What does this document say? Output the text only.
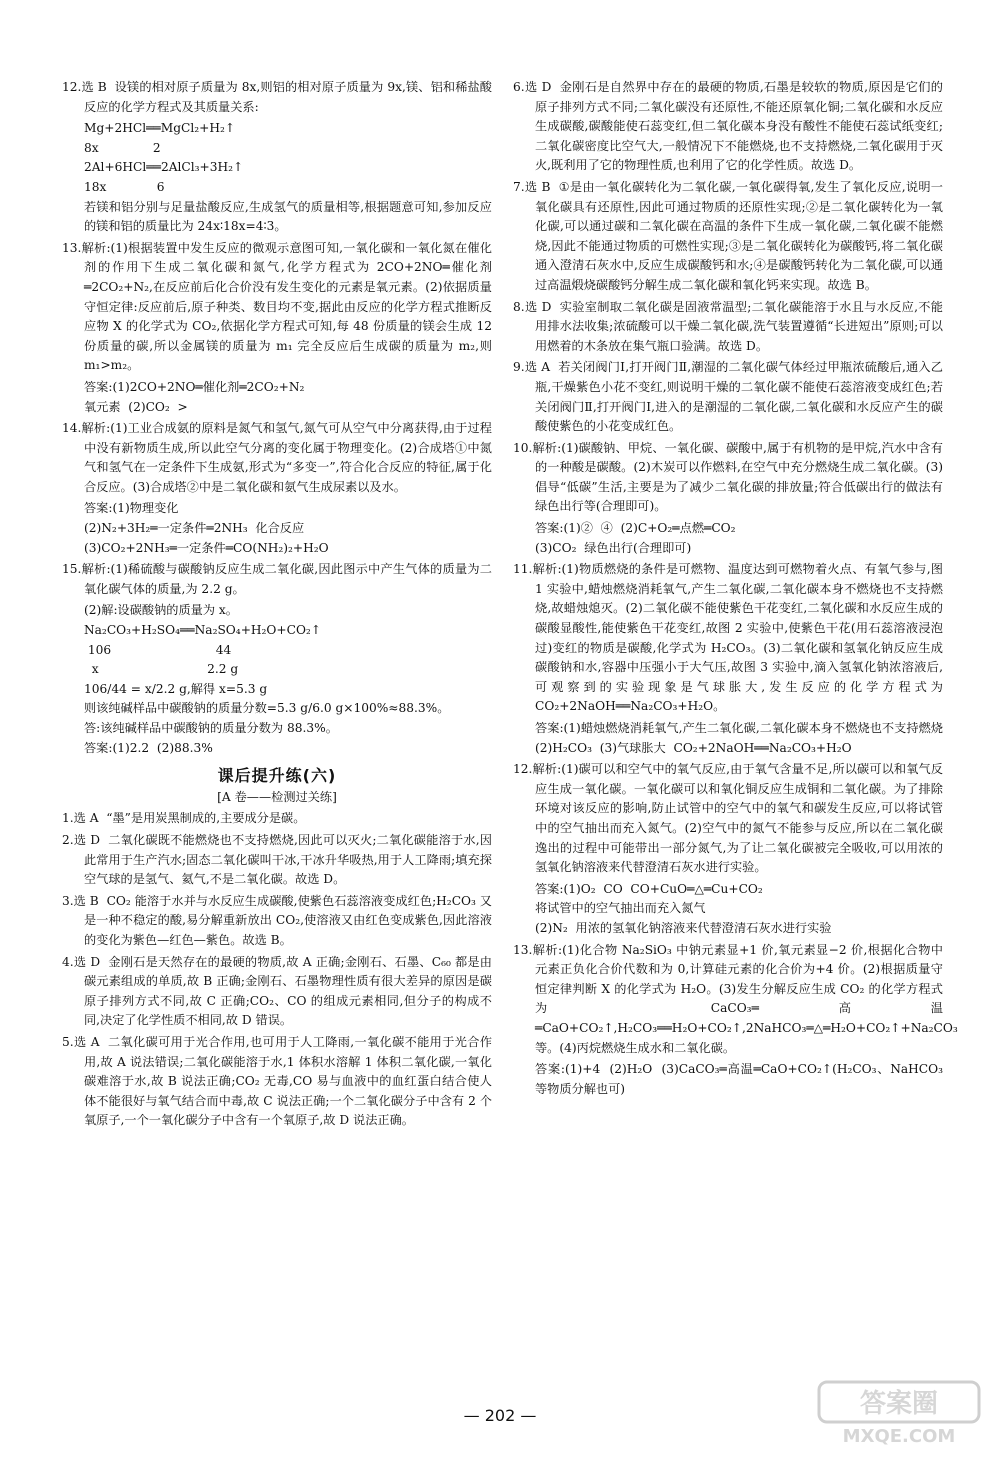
12.选 B  设镁的相对原子质量为 8x,则铝的相对原子质量为 9x,镁、铝和稀盐酸反应的化学方程式及其质量关系:

Mg+2HCl══MgCl₂+H₂↑

8x              2

2Al+6HCl══2AlCl₃+3H₂↑

18x             6

若镁和铝分别与足量盐酸反应,生成氢气的质量相等,根据题意可知,参加反应的镁和铝的质量比为 24x∶18x=4∶3。

13.解析:(1)根据装置中发生反应的微观示意图可知,一氧化碳和一氧化氮在催化剂的作用下生成二氧化碳和氮气,化学方程式为 2CO+2NO═催化剂═2CO₂+N₂,在反应前后化合价没有发生变化的元素是氧元素。(2)依据质量守恒定律:反应前后,原子种类、数目均不变,据此由反应的化学方程式推断反应物 X 的化学式为 CO₂,依据化学方程式可知,每 48 份质量的镁会生成 12 份质量的碳,所以金属镁的质量为 m₁ 完全反应后生成碳的质量为 m₂,则 m₁>m₂。

答案:(1)2CO+2NO═催化剂═2CO₂+N₂

氧元素  (2)CO₂  >

14.解析:(1)工业合成氨的原料是氮气和氢气,氮气可从空气中分离获得,由于过程中没有新物质生成,所以此空气分离的变化属于物理变化。(2)合成塔①中氮气和氢气在一定条件下生成氨,形式为“多变一”,符合化合反应的特征,属于化合反应。(3)合成塔②中是二氧化碳和氨气生成尿素以及水。

答案:(1)物理变化

(2)N₂+3H₂═一定条件═2NH₃  化合反应

(3)CO₂+2NH₃═一定条件═CO(NH₂)₂+H₂O

15.解析:(1)稀硫酸与碳酸钠反应生成二氧化碳,因此图示中产生气体的质量为二氧化碳气体的质量,为 2.2 g。

(2)解:设碳酸钠的质量为 x。

Na₂CO₃+H₂SO₄══Na₂SO₄+H₂O+CO₂↑

106                           44

x                            2.2 g

106/44 = x/2.2 g,解得 x=5.3 g

则该纯碱样品中碳酸钠的质量分数=5.3 g/6.0 g×100%≈88.3%。

答:该纯碱样品中碳酸钠的质量分数为 88.3%。

答案:(1)2.2  (2)88.3%

课后提升练(六)
[A 卷——检测过关练]

1.选 A  “墨”是用炭黑制成的,主要成分是碳。

2.选 D  二氧化碳既不能燃烧也不支持燃烧,因此可以灭火;二氧化碳能溶于水,因此常用于生产汽水;固态二氧化碳叫干冰,干冰升华吸热,用于人工降雨;填充探空气球的是氢气、氦气,不是二氧化碳。故选 D。

3.选 B  CO₂ 能溶于水并与水反应生成碳酸,使紫色石蕊溶液变成红色;H₂CO₃ 又是一种不稳定的酸,易分解重新放出 CO₂,使溶液又由红色变成紫色,因此溶液的变化为紫色—红色—紫色。故选 B。

4.选 D  金刚石是天然存在的最硬的物质,故 A 正确;金刚石、石墨、C₆₀ 都是由碳元素组成的单质,故 B 正确;金刚石、石墨物理性质有很大差异的原因是碳原子排列方式不同,故 C 正确;CO₂、CO 的组成元素相同,但分子的构成不同,决定了化学性质不相同,故 D 错误。

5.选 A  二氧化碳可用于光合作用,也可用于人工降雨,一氧化碳不能用于光合作用,故 A 说法错误;二氧化碳能溶于水,1 体积水溶解 1 体积二氧化碳,一氧化碳难溶于水,故 B 说法正确;CO₂ 无毒,CO 易与血液中的血红蛋白结合使人体不能很好与氧气结合而中毒,故 C 说法正确;一个二氧化碳分子中含有 2 个氧原子,一个一氧化碳分子中含有一个氧原子,故 D 说法正确。

6.选 D  金刚石是自然界中存在的最硬的物质,石墨是较软的物质,原因是它们的原子排列方式不同;二氧化碳没有还原性,不能还原氧化铜;二氧化碳和水反应生成碳酸,碳酸能使石蕊变红,但二氧化碳本身没有酸性不能使石蕊试纸变红;二氧化碳密度比空气大,一般情况下不能燃烧,也不支持燃烧,二氧化碳用于灭火,既利用了它的物理性质,也利用了它的化学性质。故选 D。

7.选 B  ①是由一氧化碳转化为二氧化碳,一氧化碳得氧,发生了氧化反应,说明一氧化碳具有还原性,因此可通过物质的还原性实现;②是二氧化碳转化为一氧化碳,可以通过碳和二氧化碳在高温的条件下生成一氧化碳,二氧化碳不能燃烧,因此不能通过物质的可燃性实现;③是二氧化碳转化为碳酸钙,将二氧化碳通入澄清石灰水中,反应生成碳酸钙和水;④是碳酸钙转化为二氧化碳,可以通过高温煅烧碳酸钙分解生成二氧化碳和氧化钙来实现。故选 B。

8.选 D  实验室制取二氧化碳是固液常温型;二氧化碳能溶于水且与水反应,不能用排水法收集;浓硫酸可以干燥二氧化碳,洗气装置遵循“长进短出”原则;可以用燃着的木条放在集气瓶口验满。故选 D。

9.选 A  若关闭阀门Ⅰ,打开阀门Ⅱ,潮湿的二氧化碳气体经过甲瓶浓硫酸后,通入乙瓶,干燥紫色小花不变红,则说明干燥的二氧化碳不能使石蕊溶液变成红色;若关闭阀门Ⅱ,打开阀门Ⅰ,进入的是潮湿的二氧化碳,二氧化碳和水反应产生的碳酸使紫色的小花变成红色。

10.解析:(1)碳酸钠、甲烷、一氧化碳、碳酸中,属于有机物的是甲烷,汽水中含有的一种酸是碳酸。(2)木炭可以作燃料,在空气中充分燃烧生成二氧化碳。(3)倡导“低碳”生活,主要是为了减少二氧化碳的排放量;符合低碳出行的做法有绿色出行等(合理即可)。

答案:(1)②  ④  (2)C+O₂═点燃═CO₂

(3)CO₂  绿色出行(合理即可)

11.解析:(1)物质燃烧的条件是可燃物、温度达到可燃物着火点、有氧气参与,图 1 实验中,蜡烛燃烧消耗氧气,产生二氧化碳,二氧化碳本身不燃烧也不支持燃烧,故蜡烛熄灭。(2)二氧化碳不能使紫色干花变红,二氧化碳和水反应生成的碳酸显酸性,能使紫色干花变红,故图 2 实验中,使紫色干花(用石蕊溶液浸泡过)变红的物质是碳酸,化学式为 H₂CO₃。(3)二氧化碳和氢氧化钠反应生成碳酸钠和水,容器中压强小于大气压,故图 3 实验中,滴入氢氧化钠浓溶液后,可观察到的实验现象是气球胀大,发生反应的化学方程式为 CO₂+2NaOH══Na₂CO₃+H₂O。

答案:(1)蜡烛燃烧消耗氧气,产生二氧化碳,二氧化碳本身不燃烧也不支持燃烧  (2)H₂CO₃  (3)气球胀大  CO₂+2NaOH══Na₂CO₃+H₂O

12.解析:(1)碳可以和空气中的氧气反应,由于氧气含量不足,所以碳可以和氧气反应生成一氧化碳。一氧化碳可以和氧化铜反应生成铜和二氧化碳。为了排除环境对该反应的影响,防止试管中的空气中的氧气和碳发生反应,可以将试管中的空气抽出而充入氮气。(2)空气中的氮气不能参与反应,所以在二氧化碳逸出的过程中可能带出一部分氮气,为了让二氧化碳被完全吸收,可以用浓的氢氧化钠溶液来代替澄清石灰水进行实验。

答案:(1)O₂  CO  CO+CuO═△═Cu+CO₂

将试管中的空气抽出而充入氮气

(2)N₂  用浓的氢氧化钠溶液来代替澄清石灰水进行实验

13.解析:(1)化合物 Na₂SiO₃ 中钠元素显+1 价,氧元素显−2 价,根据化合物中元素正负化合价代数和为 0,计算硅元素的化合价为+4 价。(2)根据质量守恒定律判断 X 的化学式为 H₂O。(3)发生分解反应生成 CO₂ 的化学方程式为 CaCO₃═高温═CaO+CO₂↑,H₂CO₃══H₂O+CO₂↑,2NaHCO₃═△═H₂O+CO₂↑+Na₂CO₃ 等。(4)丙烷燃烧生成水和二氧化碳。

答案:(1)+4  (2)H₂O  (3)CaCO₃═高温═CaO+CO₂↑(H₂CO₃、NaHCO₃ 等物质分解也可)

— 202 —	答案圈
MXQE.COM
